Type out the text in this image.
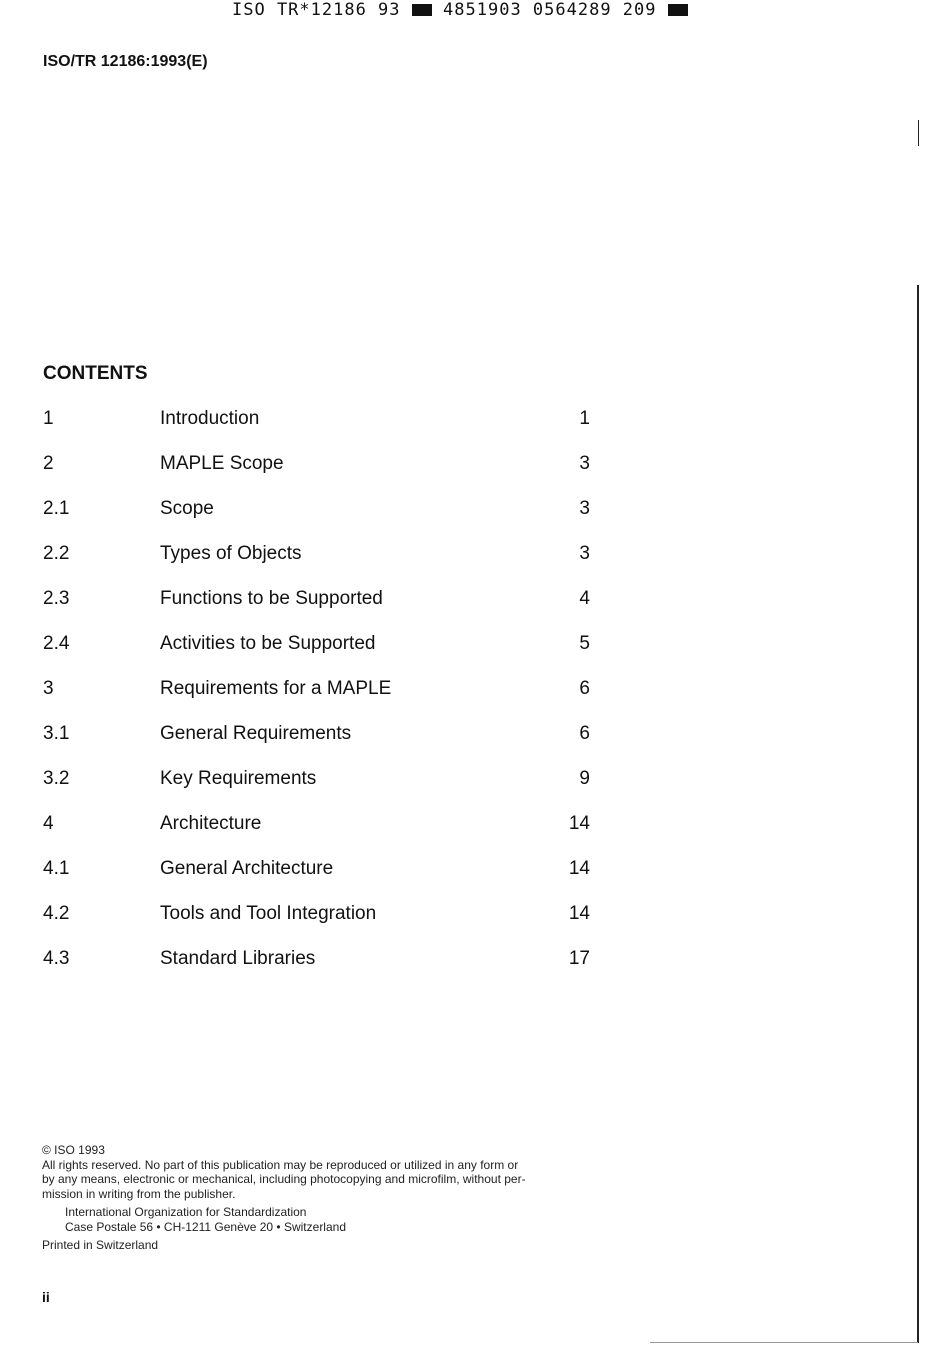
ISO TR*12186 93	4851903 0564289 209
ISO/TR 12186:1993(E)
CONTENTS
1	Introduction	1
2	MAPLE Scope	3
2.1	Scope	3
2.2	Types of Objects	3
2.3	Functions to be Supported	4
2.4	Activities to be Supported	5
3	Requirements for a MAPLE	6
3.1	General Requirements	6
3.2	Key Requirements	9
4	Architecture	14
4.1	General Architecture	14
4.2	Tools and Tool Integration	14
4.3	Standard Libraries	17
© ISO 1993
All rights reserved. No part of this publication may be reproduced or utilized in any form or
by any means, electronic or mechanical, including photocopying and microfilm, without per-
mission in writing from the publisher.
International Organization for Standardization
Case Postale 56 • CH-1211 Genève 20 • Switzerland
Printed in Switzerland
ii
